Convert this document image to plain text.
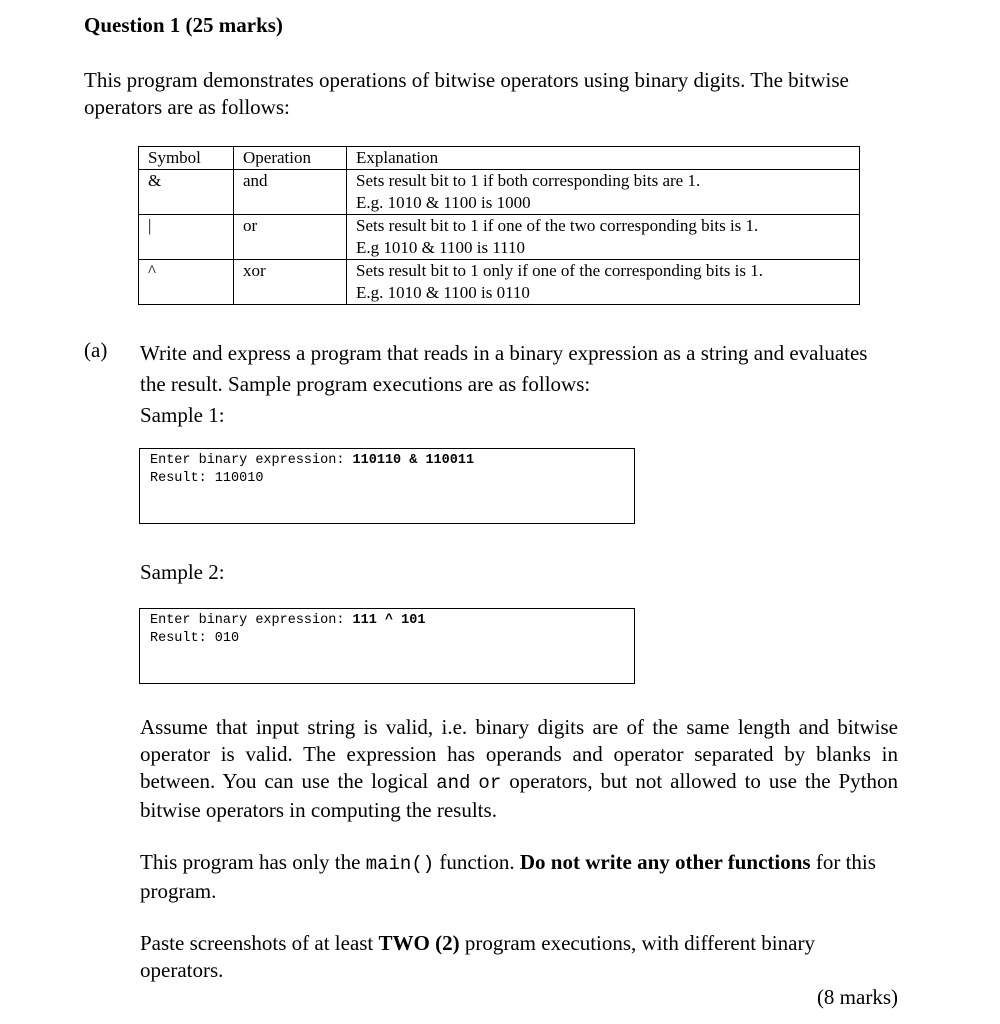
Question 1 (25 marks)
This program demonstrates operations of bitwise operators using binary digits. The bitwise operators are as follows:
Symbol	Operation	Explanation
&	and	Sets result bit to 1 if both corresponding bits are 1.
E.g. 1010 & 1100 is 1000

|	or	Sets result bit to 1 if one of the two corresponding bits is 1.
E.g 1010 & 1100 is 1110

^	xor	Sets result bit to 1 only if one of the corresponding bits is 1.
E.g. 1010 & 1100 is 0110
(a) Write and express a program that reads in a binary expression as a string and evaluates the result. Sample program executions are as follows:
Sample 1:
Enter binary expression: 110110 & 110011
Result: 110010
Sample 2:
Enter binary expression: 111 ^ 101
Result: 010
Assume that input string is valid, i.e. binary digits are of the same length and bitwise operator is valid. The expression has operands and operator separated by blanks in between. You can use the logical and or operators, but not allowed to use the Python bitwise operators in computing the results.
This program has only the main() function. Do not write any other functions for this program.
Paste screenshots of at least TWO (2) program executions, with different binary operators.
(8 marks)
